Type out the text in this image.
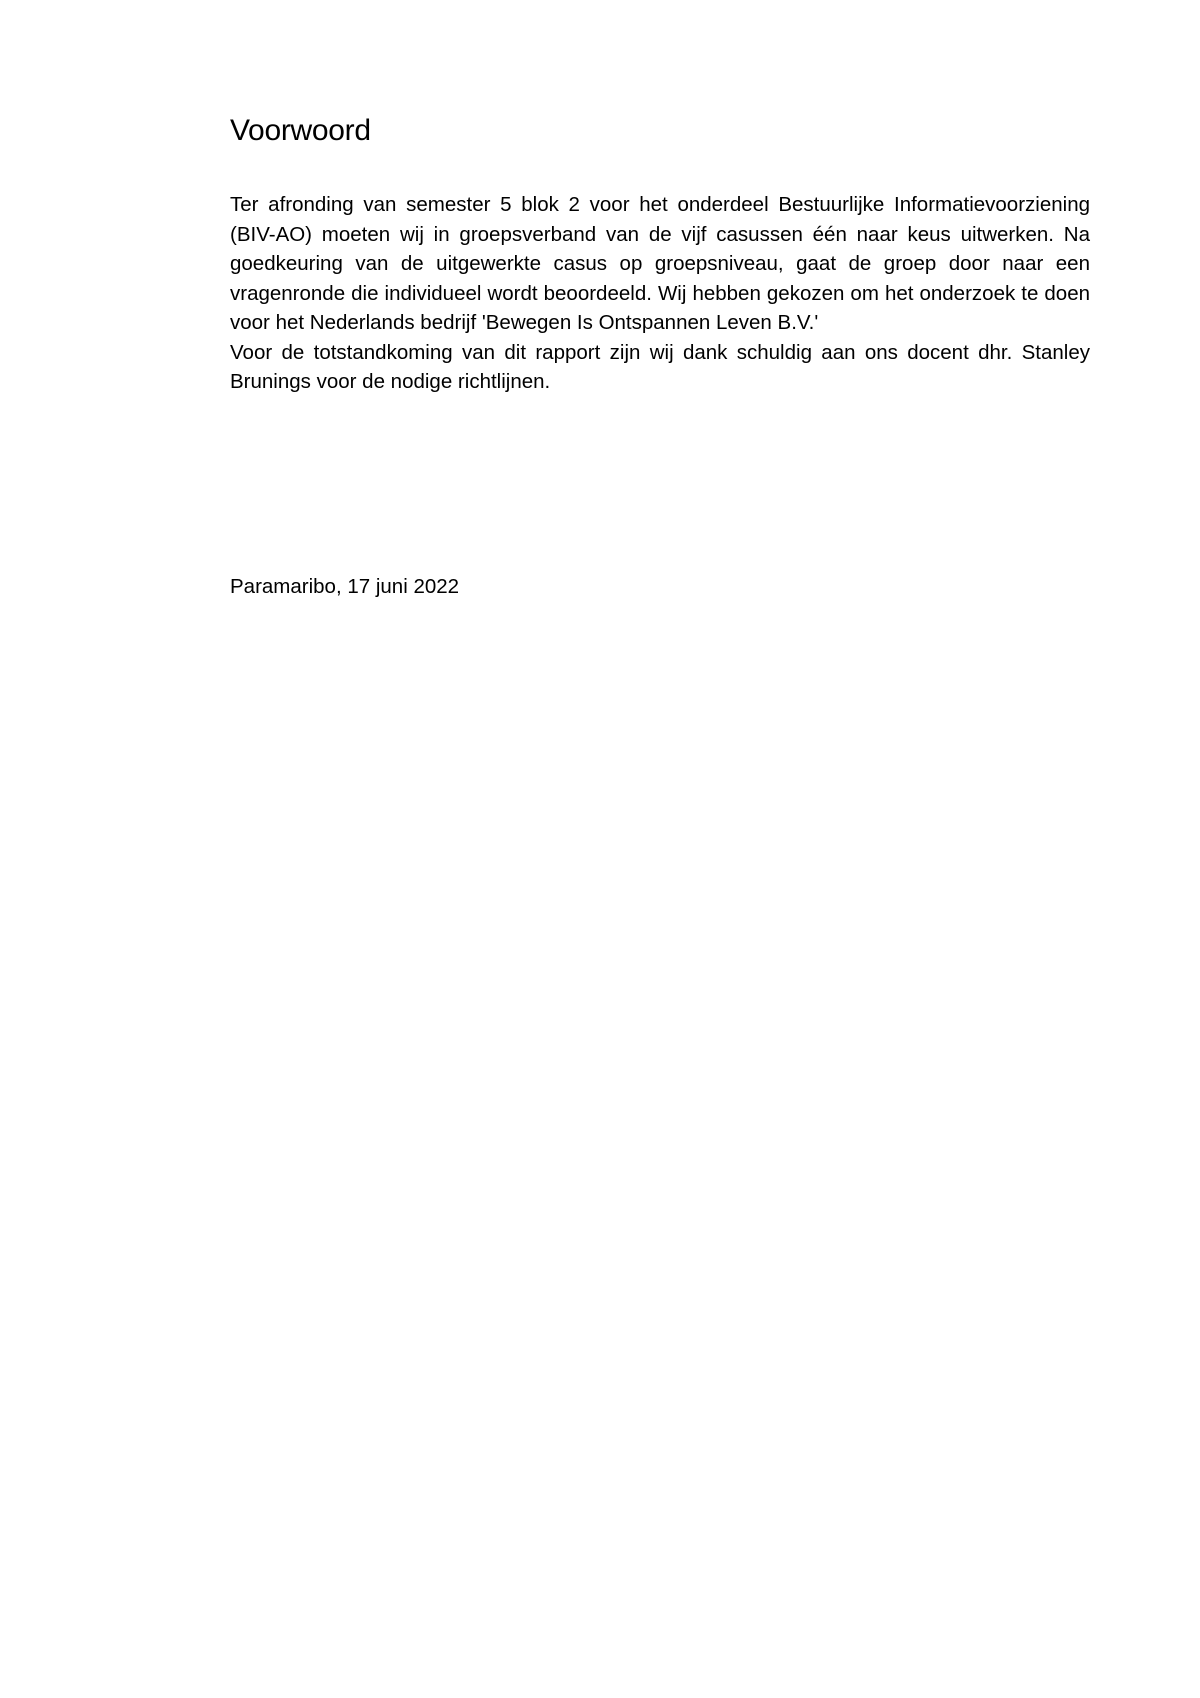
Voorwoord

Ter afronding van semester 5 blok 2 voor het onderdeel Bestuurlijke Informatievoorziening (BIV-AO) moeten wij in groepsverband van de vijf casussen één naar keus uitwerken. Na goedkeuring van de uitgewerkte casus op groepsniveau, gaat de groep door naar een vragenronde die individueel wordt beoordeeld. Wij hebben gekozen om het onderzoek te doen voor het Nederlands bedrijf 'Bewegen Is Ontspannen Leven B.V.'

Voor de totstandkoming van dit rapport zijn wij dank schuldig aan ons docent dhr. Stanley Brunings voor de nodige richtlijnen.

Paramaribo, 17 juni 2022
